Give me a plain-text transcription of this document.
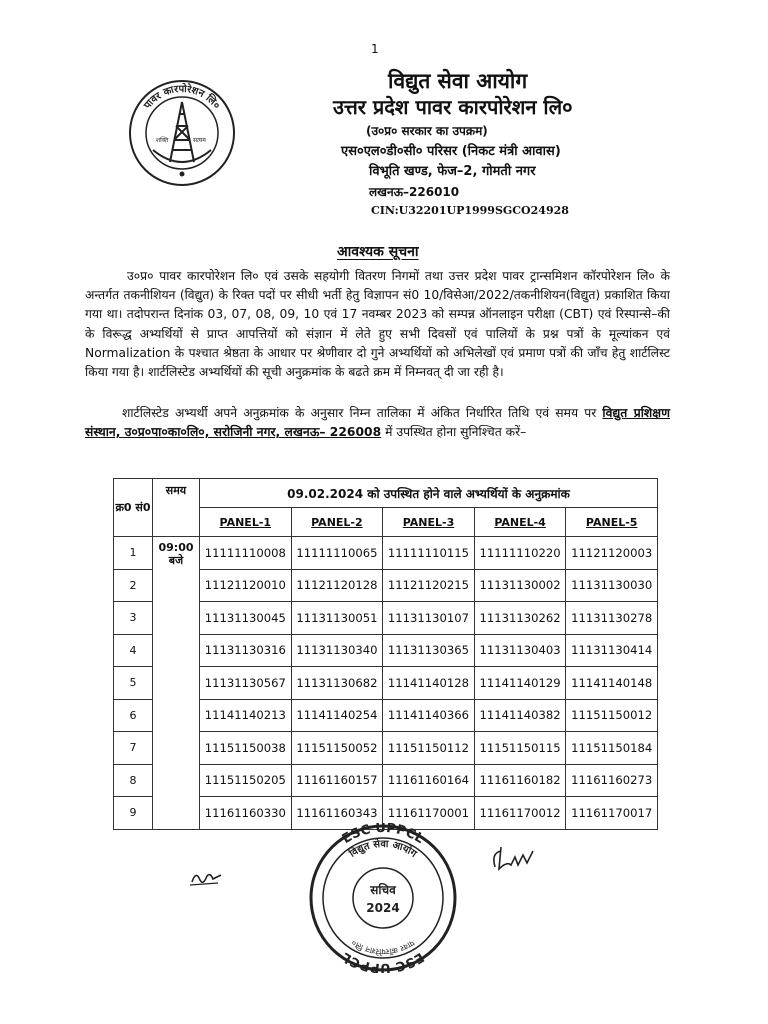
1
पावर कारपोरेशन लि०
शक्ति	सत्यम
विद्युत सेवा आयोग
उत्तर प्रदेश पावर कारपोरेशन लि०
(उ०प्र० सरकार का उपक्रम)
एस०एल०डी०सी० परिसर (निकट मंत्री आवास)
विभूति खण्ड, फेज–2, गोमती नगर
लखनऊ–226010
CIN:U32201UP1999SGCO24928
आवश्यक सूचना
उ०प्र० पावर कारपोरेशन लि० एवं उसके सहयोगी वितरण निगमों तथा उत्तर प्रदेश पावर ट्रान्समिशन कॉरपोरेशन लि० के अन्तर्गत तकनीशियन (विद्युत) के रिक्त पदों पर सीधी भर्ती हेतु विज्ञापन सं0 10/विसेआ/2022/तकनीशियन(विद्युत) प्रकाशित किया गया था। तदोपरान्त दिनांक 03, 07, 08, 09, 10 एवं 17 नवम्बर 2023 को सम्पन्न ऑनलाइन परीक्षा (CBT) एवं रिस्पान्से–की के विरूद्ध अभ्यर्थियों से प्राप्त आपत्तियों को संज्ञान में लेते हुए सभी दिवसों एवं पालियों के प्रश्न पत्रों के मूल्यांकन एवं Normalization के पश्चात श्रेष्ठता के आधार पर श्रेणीवार दो गुने अभ्यर्थियों को अभिलेखों एवं प्रमाण पत्रों की जाँच हेतु शार्टलिस्ट किया गया है। शार्टलिस्टेड अभ्यर्थियों की सूची अनुक्रमांक के बढते क्रम में निम्नवत् दी जा रही है।
शार्टलिस्टेड अभ्यर्थी अपने अनुक्रमांक के अनुसार निम्न तालिका में अंकित निर्धारित तिथि एवं समय पर विद्युत प्रशिक्षण संस्थान, उ०प्र०पा०का०लि०, सरोजिनी नगर, लखनऊ– 226008 में उपस्थित होना सुनिश्चित करें–
क्र0 सं0	समय	09.02.2024 को उपस्थित होने वाले अभ्यर्थियों के अनुक्रमांक				
		PANEL-1	PANEL-2	PANEL-3	PANEL-4	PANEL-5
1	09:00 बजे	11111110008	11111110065	11111110115	11111110220	11121120003
2		11121120010	11121120128	11121120215	11131130002	11131130030
3		11131130045	11131130051	11131130107	11131130262	11131130278
4		11131130316	11131130340	11131130365	11131130403	11131130414
5		11131130567	11131130682	11141140128	11141140129	11141140148
6		11141140213	11141140254	11141140366	11141140382	11151150012
7		11151150038	11151150052	11151150112	11151150115	11151150184
8		11151150205	11161160157	11161160164	11161160182	11161160273
9		11161160330	11161160343	11161170001	11161170012	11161170017
ESC UPPCL
ESC UPPCL
विद्युत सेवा आयोग
पावर कॉरपोरेशन लि०
सचिव
2024
